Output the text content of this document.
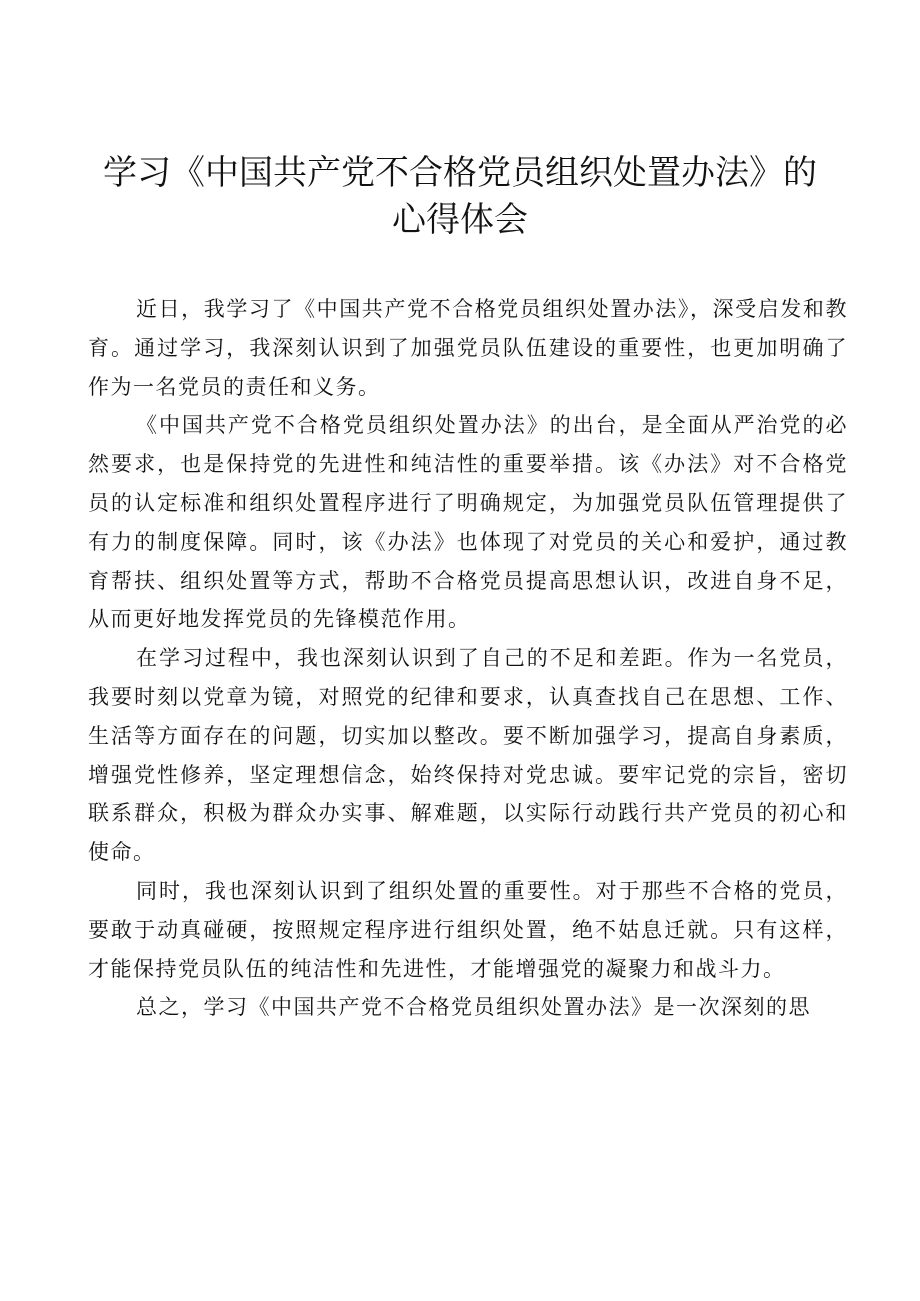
学习《中国共产党不合格党员组织处置办法》的
心得体会

近日，我学习了《中国共产党不合格党员组织处置办法》，深受启发和教育。通过学习，我深刻认识到了加强党员队伍建设的重要性，也更加明确了作为一名党员的责任和义务。

《中国共产党不合格党员组织处置办法》的出台，是全面从严治党的必然要求，也是保持党的先进性和纯洁性的重要举措。该《办法》对不合格党员的认定标准和组织处置程序进行了明确规定，为加强党员队伍管理提供了有力的制度保障。同时，该《办法》也体现了对党员的关心和爱护，通过教育帮扶、组织处置等方式，帮助不合格党员提高思想认识，改进自身不足，从而更好地发挥党员的先锋模范作用。

在学习过程中，我也深刻认识到了自己的不足和差距。作为一名党员，我要时刻以党章为镜，对照党的纪律和要求，认真查找自己在思想、工作、生活等方面存在的问题，切实加以整改。要不断加强学习，提高自身素质，增强党性修养，坚定理想信念，始终保持对党忠诚。要牢记党的宗旨，密切联系群众，积极为群众办实事、解难题，以实际行动践行共产党员的初心和使命。

同时，我也深刻认识到了组织处置的重要性。对于那些不合格的党员，要敢于动真碰硬，按照规定程序进行组织处置，绝不姑息迁就。只有这样，才能保持党员队伍的纯洁性和先进性，才能增强党的凝聚力和战斗力。

总之，学习《中国共产党不合格党员组织处置办法》是一次深刻的思
